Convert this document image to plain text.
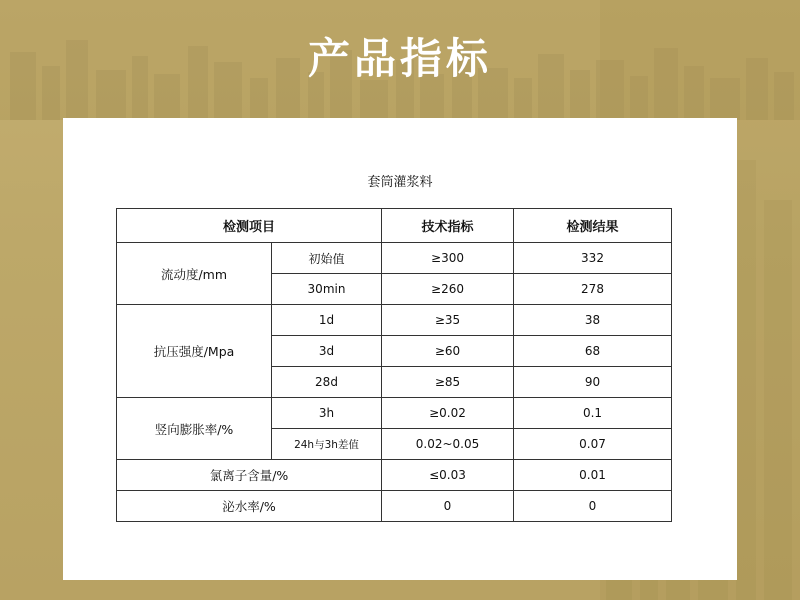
产品指标
套筒灌浆料
检测项目		技术指标	检测结果
流动度/mm	初始值	≥300	332
	30min	≥260	278
抗压强度/Mpa	1d	≥35	38
	3d	≥60	68
	28d	≥85	90
竖向膨胀率/%	3h	≥0.02	0.1
	24h与3h差值	0.02~0.05	0.07
氯离子含量/%		≤0.03	0.01
泌水率/%		0	0
